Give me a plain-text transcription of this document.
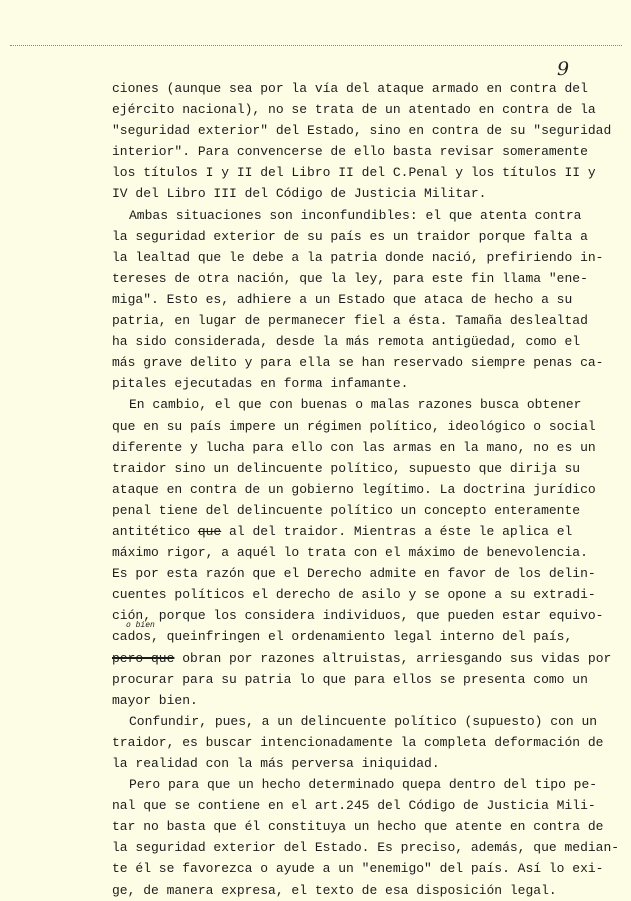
9
ciones (aunque sea por la vía del ataque armado en contra del
ejército nacional), no se trata de un atentado en contra de la
"seguridad exterior" del Estado, sino en contra de su "seguridad
interior". Para convencerse de ello basta revisar someramente
los títulos I y II del Libro II del C.Penal y los títulos II y
IV del Libro III del Código de Justicia Militar.
Ambas situaciones son inconfundibles: el que atenta contra
la seguridad exterior de su país es un traidor porque falta a
la lealtad que le debe a la patria donde nació, prefiriendo in-
tereses de otra nación, que la ley, para este fin llama "ene-
miga". Esto es, adhiere a un Estado que ataca de hecho a su
patria, en lugar de permanecer fiel a ésta. Tamaña deslealtad
ha sido considerada, desde la más remota antigüedad, como el
más grave delito y para ella se han reservado siempre penas ca-
pitales ejecutadas en forma infamante.
En cambio, el que con buenas o malas razones busca obtener
que en su país impere un régimen político, ideológico o social
diferente y lucha para ello con las armas en la mano, no es un
traidor sino un delincuente político, supuesto que dirija su
ataque en contra de un gobierno legítimo. La doctrina jurídico
penal tiene del delincuente político un concepto enteramente
antitético que al del traidor. Mientras a éste le aplica el
máximo rigor, a aquél lo trata con el máximo de benevolencia.
Es por esta razón que el Derecho admite en favor de los delin-
cuentes políticos el derecho de asilo y se opone a su extradi-
ción, porque los considera individuos, que pueden estar equivo-
cados, que
o bien
infringen el ordenamiento legal interno del país,
pero que obran por razones altruistas, arriesgando sus vidas por
procurar para su patria lo que para ellos se presenta como un
mayor bien.
Confundir, pues, a un delincuente político (supuesto) con un
traidor, es buscar intencionadamente la completa deformación de
la realidad con la más perversa iniquidad.
Pero para que un hecho determinado quepa dentro del tipo pe-
nal que se contiene en el art.245 del Código de Justicia Mili-
tar no basta que él constituya un hecho que atente en contra de
la seguridad exterior del Estado. Es preciso, además, que median-
te él se favorezca o ayude a un "enemigo" del país. Así lo exi-
ge, de manera expresa, el texto de esa disposición legal.
